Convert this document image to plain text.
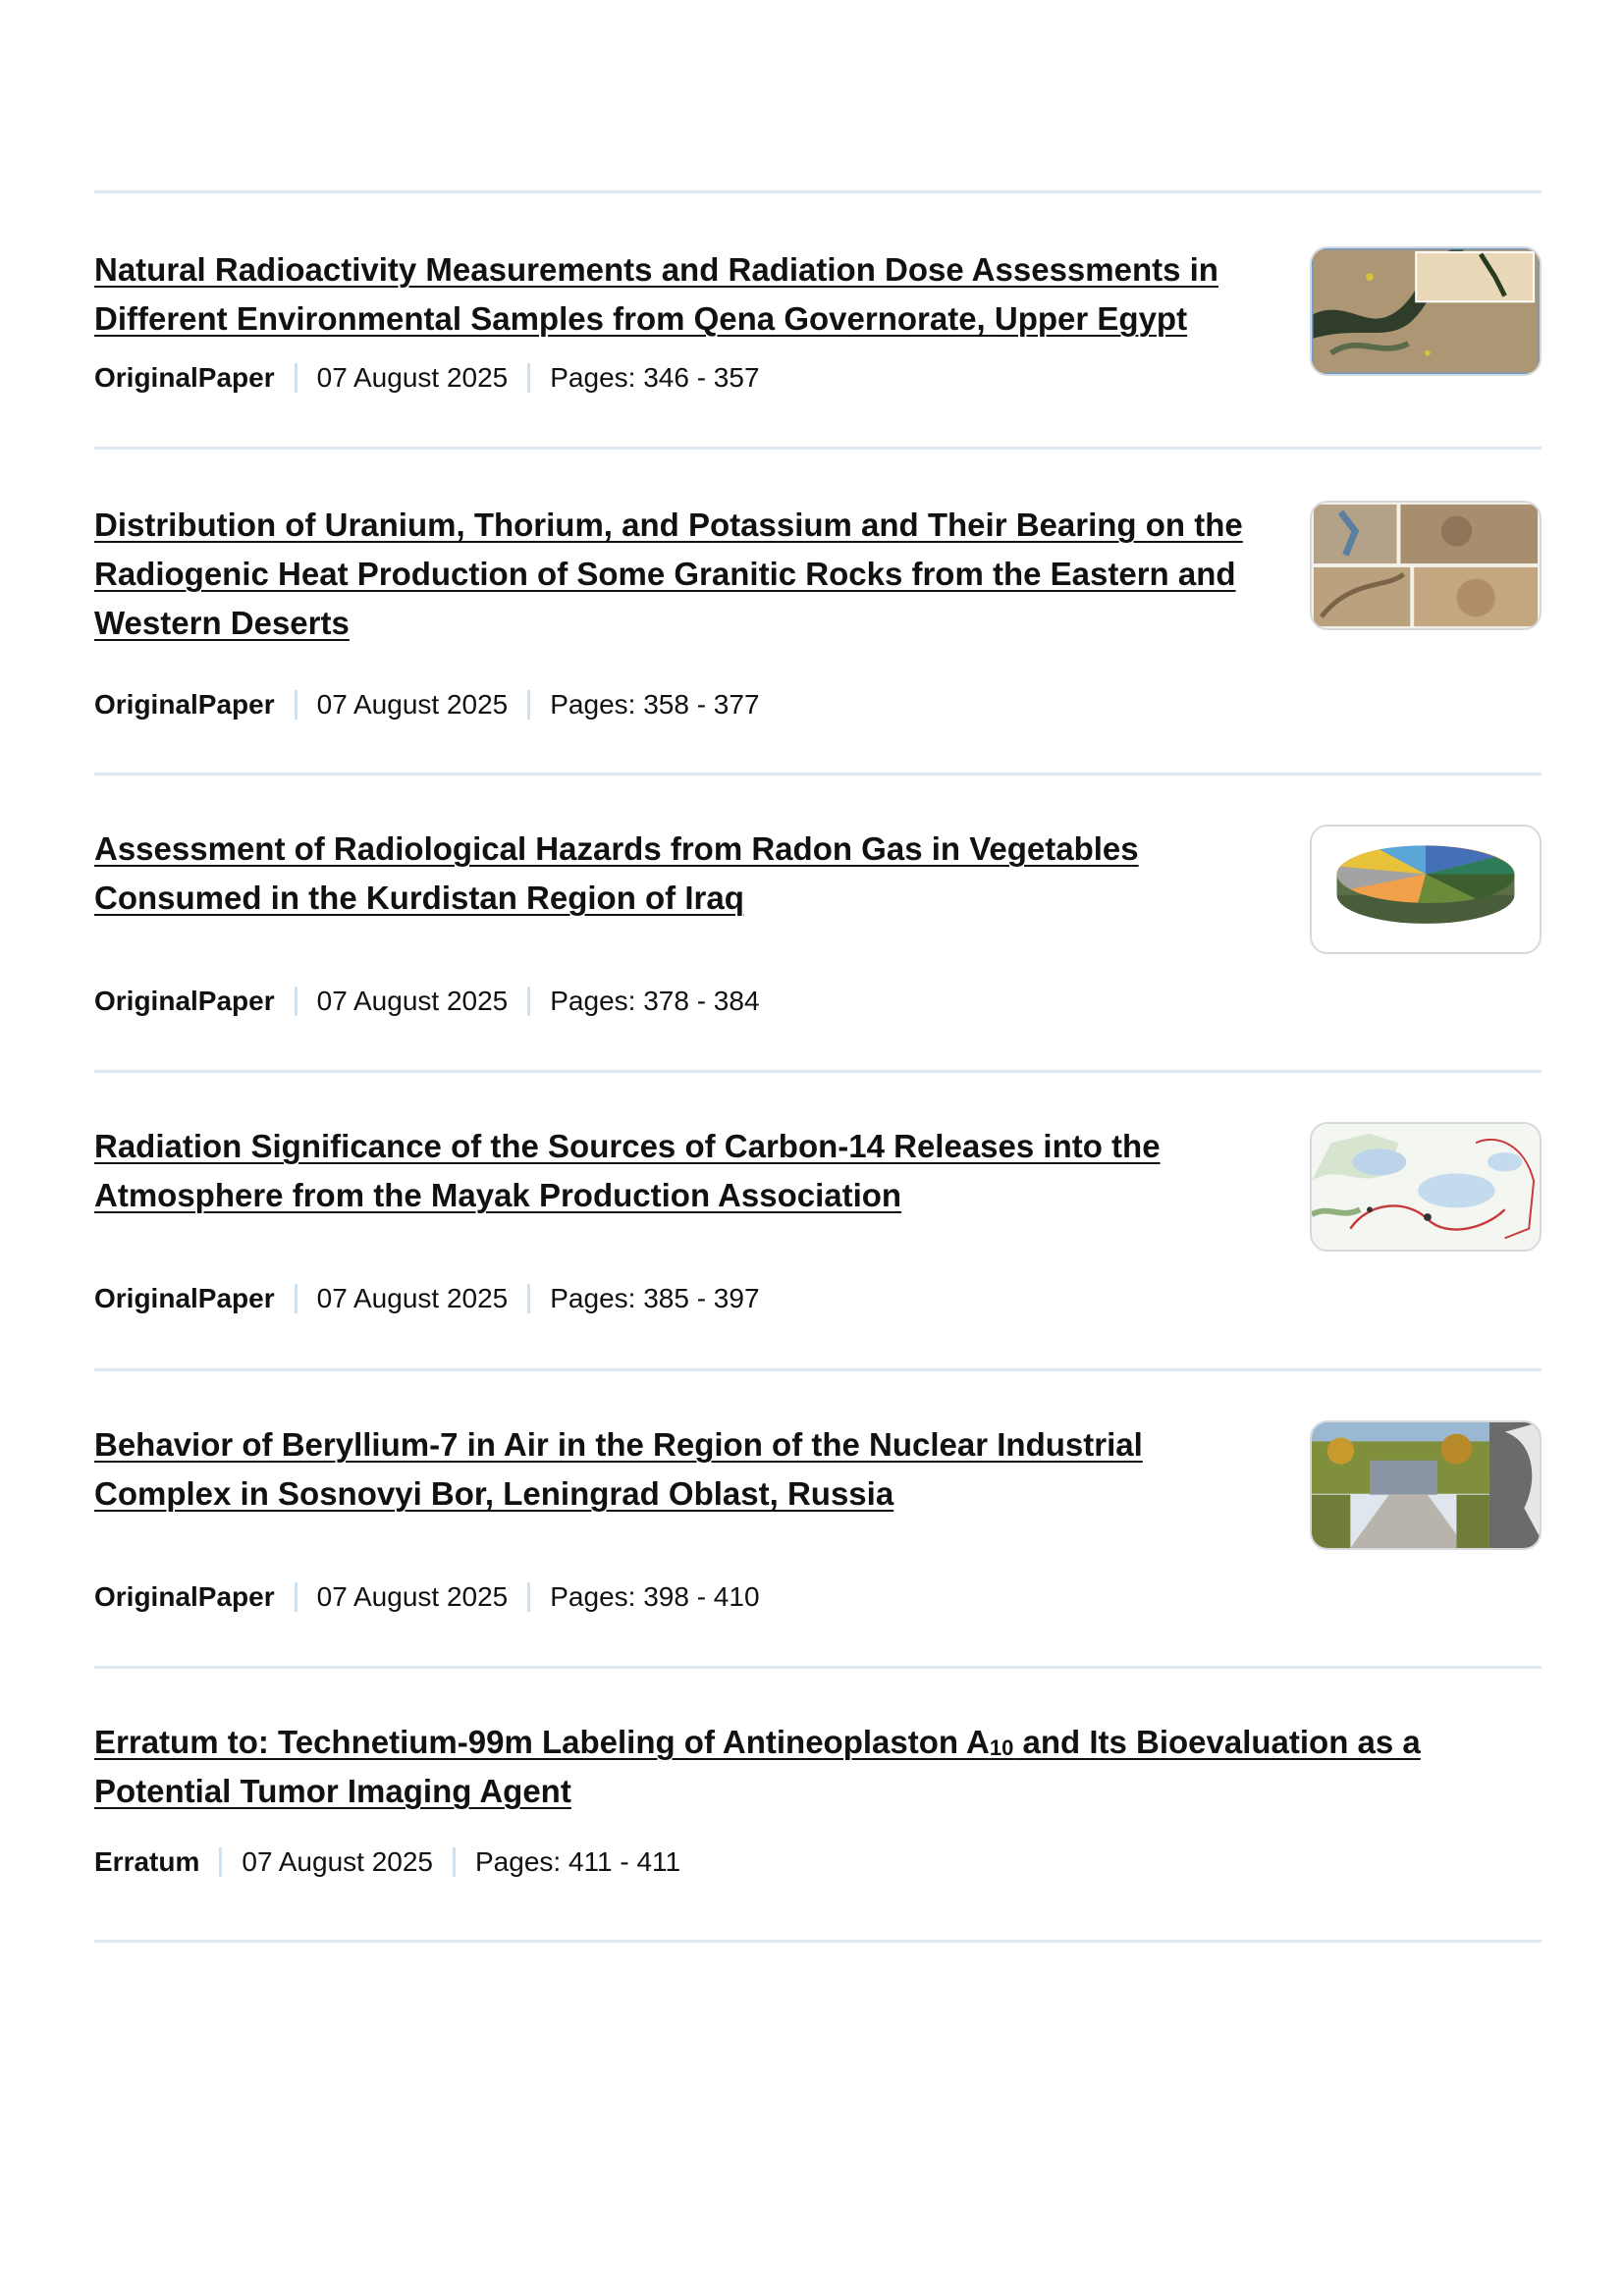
Natural Radioactivity Measurements and Radiation Dose Assessments in Different Environmental Samples from Qena Governorate, Upper Egypt
OriginalPaper 07 August 2025 Pages: 346 - 357
Distribution of Uranium, Thorium, and Potassium and Their Bearing on the Radiogenic Heat Production of Some Granitic Rocks from the Eastern and Western Deserts
OriginalPaper 07 August 2025 Pages: 358 - 377
Assessment of Radiological Hazards from Radon Gas in Vegetables Consumed in the Kurdistan Region of Iraq
OriginalPaper 07 August 2025 Pages: 378 - 384
Radiation Significance of the Sources of Carbon-14 Releases into the Atmosphere from the Mayak Production Association
OriginalPaper 07 August 2025 Pages: 385 - 397
Behavior of Beryllium-7 in Air in the Region of the Nuclear Industrial Complex in Sosnovyi Bor, Leningrad Oblast, Russia
OriginalPaper 07 August 2025 Pages: 398 - 410
Erratum to: Technetium-99m Labeling of Antineoplaston $A_{10}$ and Its Bioevaluation as a Potential Tumor Imaging Agent
Erratum 07 August 2025 Pages: 411 - 411
